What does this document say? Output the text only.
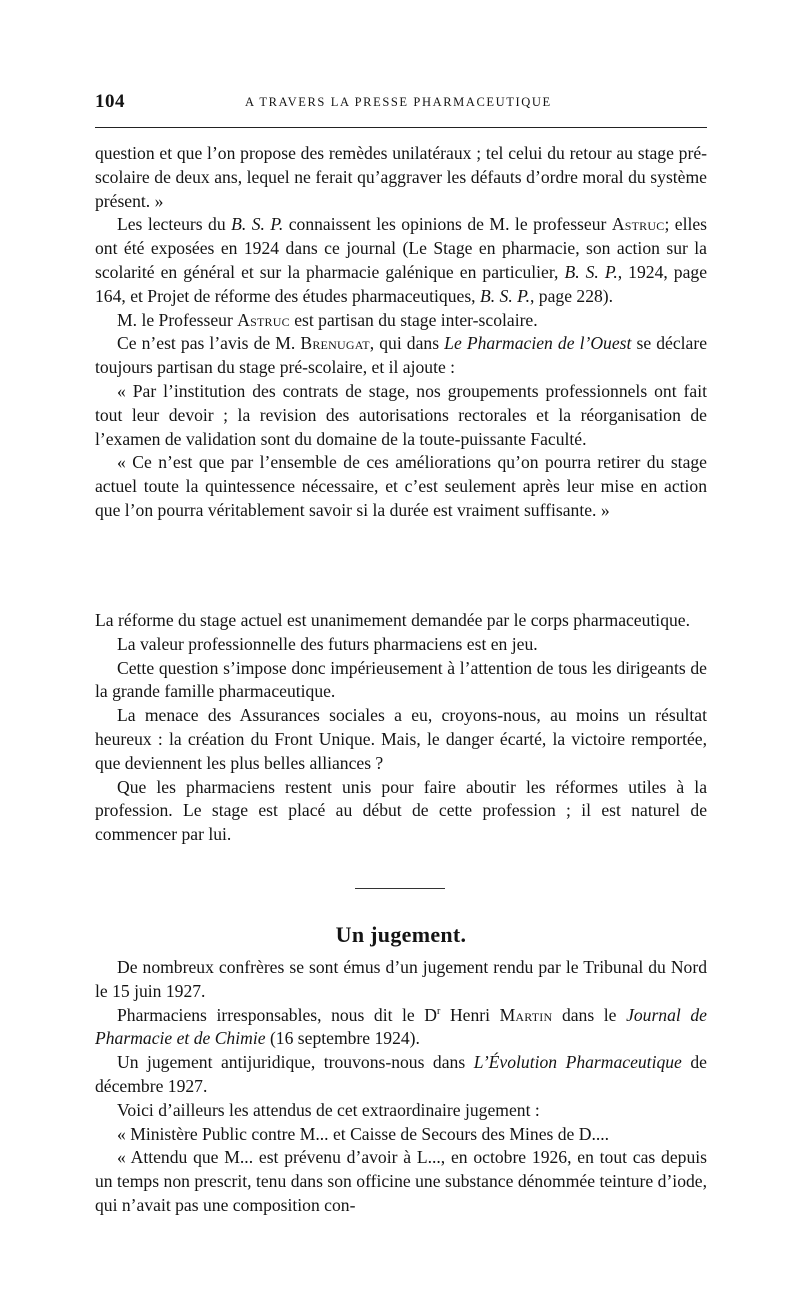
104	A TRAVERS LA PRESSE PHARMACEUTIQUE

question et que l’on propose des remèdes unilatéraux ; tel celui du retour au stage pré-scolaire de deux ans, lequel ne ferait qu’aggraver les défauts d’ordre moral du système présent. »

Les lecteurs du B. S. P. connaissent les opinions de M. le professeur Astruc; elles ont été exposées en 1924 dans ce journal (Le Stage en pharmacie, son action sur la scolarité en général et sur la pharmacie galénique en particulier, B. S. P., 1924, page 164, et Projet de réforme des études pharmaceutiques, B. S. P., page 228).

M. le Professeur Astruc est partisan du stage inter-scolaire.

Ce n’est pas l’avis de M. Brenugat, qui dans Le Pharmacien de l’Ouest se déclare toujours partisan du stage pré-scolaire, et il ajoute :

« Par l’institution des contrats de stage, nos groupements professionnels ont fait tout leur devoir ; la revision des autorisations rectorales et la réorganisation de l’examen de validation sont du domaine de la toute-puissante Faculté.

« Ce n’est que par l’ensemble de ces améliorations qu’on pourra retirer du stage actuel toute la quintessence nécessaire, et c’est seulement après leur mise en action que l’on pourra véritablement savoir si la durée est vraiment suffisante. »

La réforme du stage actuel est unanimement demandée par le corps pharmaceutique.

La valeur professionnelle des futurs pharmaciens est en jeu.

Cette question s’impose donc impérieusement à l’attention de tous les dirigeants de la grande famille pharmaceutique.

La menace des Assurances sociales a eu, croyons-nous, au moins un résultat heureux : la création du Front Unique. Mais, le danger écarté, la victoire remportée, que deviennent les plus belles alliances ?

Que les pharmaciens restent unis pour faire aboutir les réformes utiles à la profession. Le stage est placé au début de cette profession ; il est naturel de commencer par lui.

Un jugement.

De nombreux confrères se sont émus d’un jugement rendu par le Tribunal du Nord le 15 juin 1927.

Pharmaciens irresponsables, nous dit le $D^r$ Henri Martin dans le Journal de Pharmacie et de Chimie (16 septembre 1924).

Un jugement antijuridique, trouvons-nous dans L’Évolution Pharmaceutique de décembre 1927.

Voici d’ailleurs les attendus de cet extraordinaire jugement :

« Ministère Public contre M... et Caisse de Secours des Mines de D....

« Attendu que M... est prévenu d’avoir à L..., en octobre 1926, en tout cas depuis un temps non prescrit, tenu dans son officine une substance dénommée teinture d’iode, qui n’avait pas une composition con-
